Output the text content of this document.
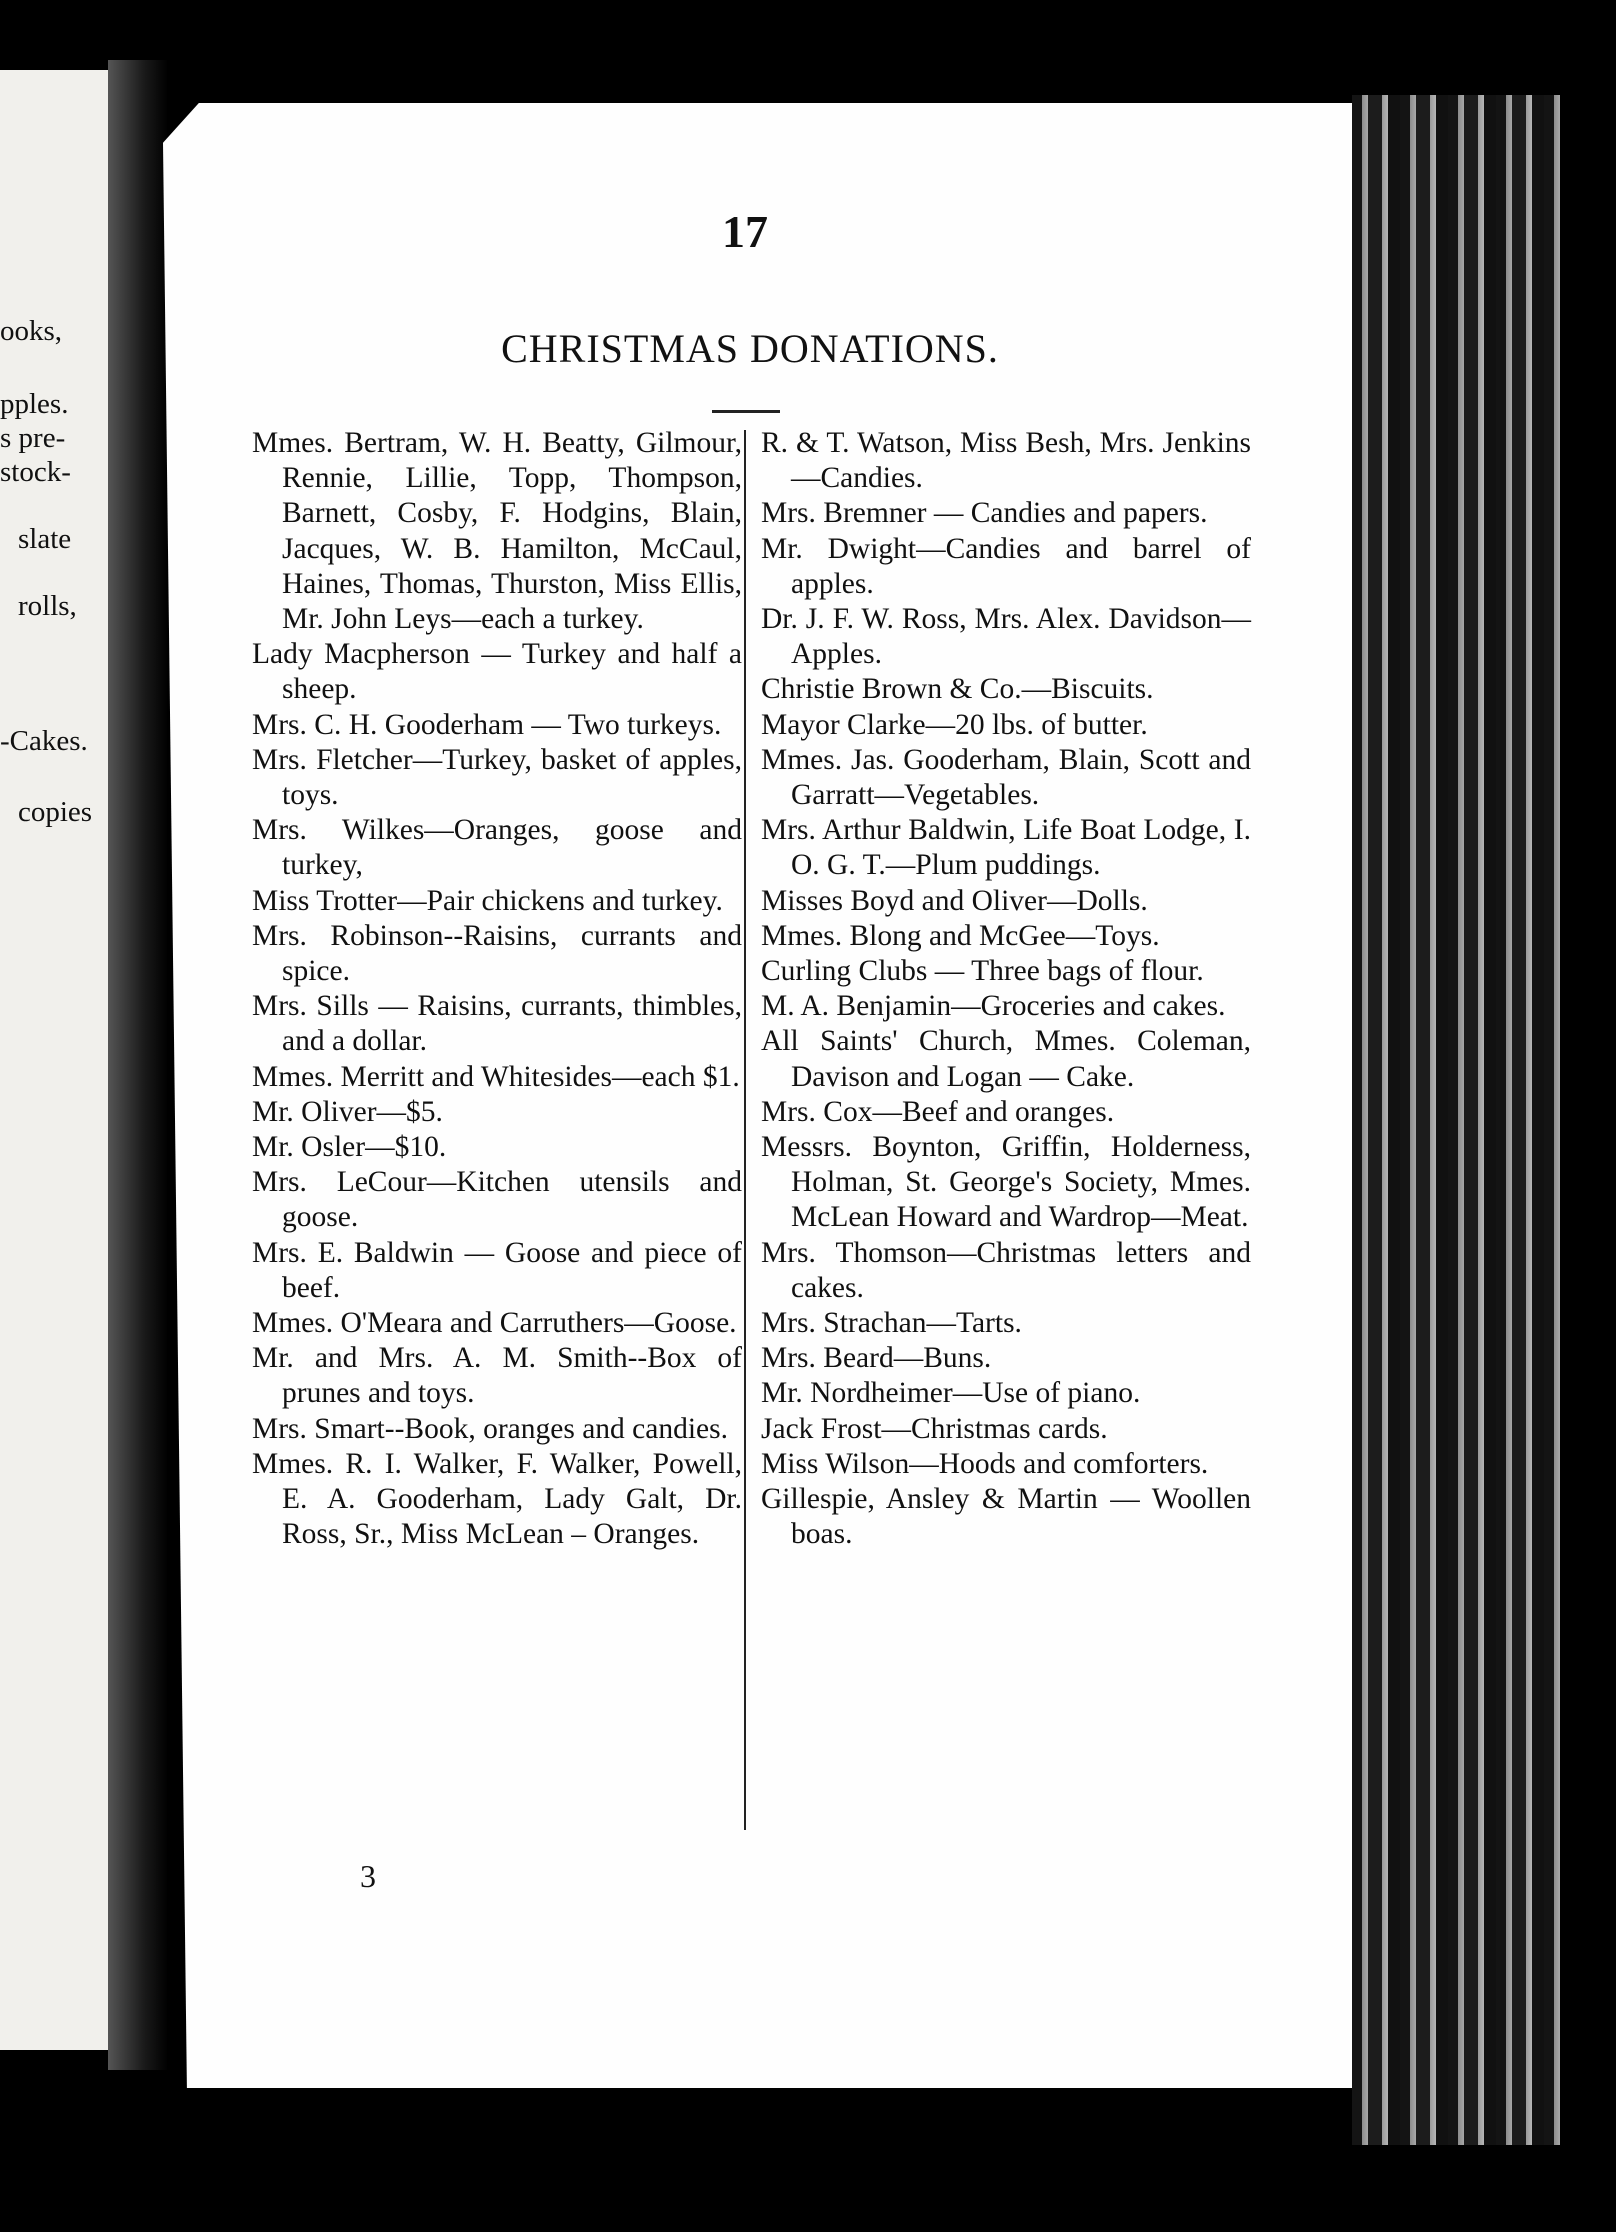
ooks,
pples.
s pre-
stock-
slate
rolls,
-Cakes.
copies
17
CHRISTMAS DONATIONS.

Mmes. Bertram, W. H. Beatty, Gilmour, Rennie, Lillie, Topp, Thompson, Barnett, Cosby, F. Hodgins, Blain, Jacques, W. B. Hamilton, McCaul, Haines, Thomas, Thurston, Miss Ellis, Mr. John Leys—each a turkey.

Lady Macpherson — Turkey and half a sheep.

Mrs. C. H. Gooderham — Two turkeys.

Mrs. Fletcher—Turkey, basket of apples, toys.

Mrs. Wilkes—Oranges, goose and turkey,

Miss Trotter—Pair chickens and turkey.

Mrs. Robinson--Raisins, currants and spice.

Mrs. Sills — Raisins, currants, thimbles, and a dollar.

Mmes. Merritt and Whitesides—each $1.

Mr. Oliver—$5.

Mr. Osler—$10.

Mrs. LeCour—Kitchen utensils and goose.

Mrs. E. Baldwin — Goose and piece of beef.

Mmes. O'Meara and Carruthers—Goose.

Mr. and Mrs. A. M. Smith--Box of prunes and toys.

Mrs. Smart--Book, oranges and candies.

Mmes. R. I. Walker, F. Walker, Powell, E. A. Gooderham, Lady Galt, Dr. Ross, Sr., Miss McLean – Oranges.

R. & T. Watson, Miss Besh, Mrs. Jenkins—Candies.

Mrs. Bremner — Candies and papers.

Mr. Dwight—Candies and barrel of apples.

Dr. J. F. W. Ross, Mrs. Alex. Davidson—Apples.

Christie Brown & Co.—Biscuits.

Mayor Clarke—20 lbs. of butter.

Mmes. Jas. Gooderham, Blain, Scott and Garratt—Vegetables.

Mrs. Arthur Baldwin, Life Boat Lodge, I. O. G. T.—Plum puddings.

Misses Boyd and Oliver—Dolls.

Mmes. Blong and McGee—Toys.

Curling Clubs — Three bags of flour.

M. A. Benjamin—Groceries and cakes.

All Saints' Church, Mmes. Coleman, Davison and Logan — Cake.

Mrs. Cox—Beef and oranges.

Messrs. Boynton, Griffin, Holderness, Holman, St. George's Society, Mmes. McLean Howard and Wardrop—Meat.

Mrs. Thomson—Christmas letters and cakes.

Mrs. Strachan—Tarts.

Mrs. Beard—Buns.

Mr. Nordheimer—Use of piano.

Jack Frost—Christmas cards.

Miss Wilson—Hoods and comforters.

Gillespie, Ansley & Martin — Woollen boas.

3
